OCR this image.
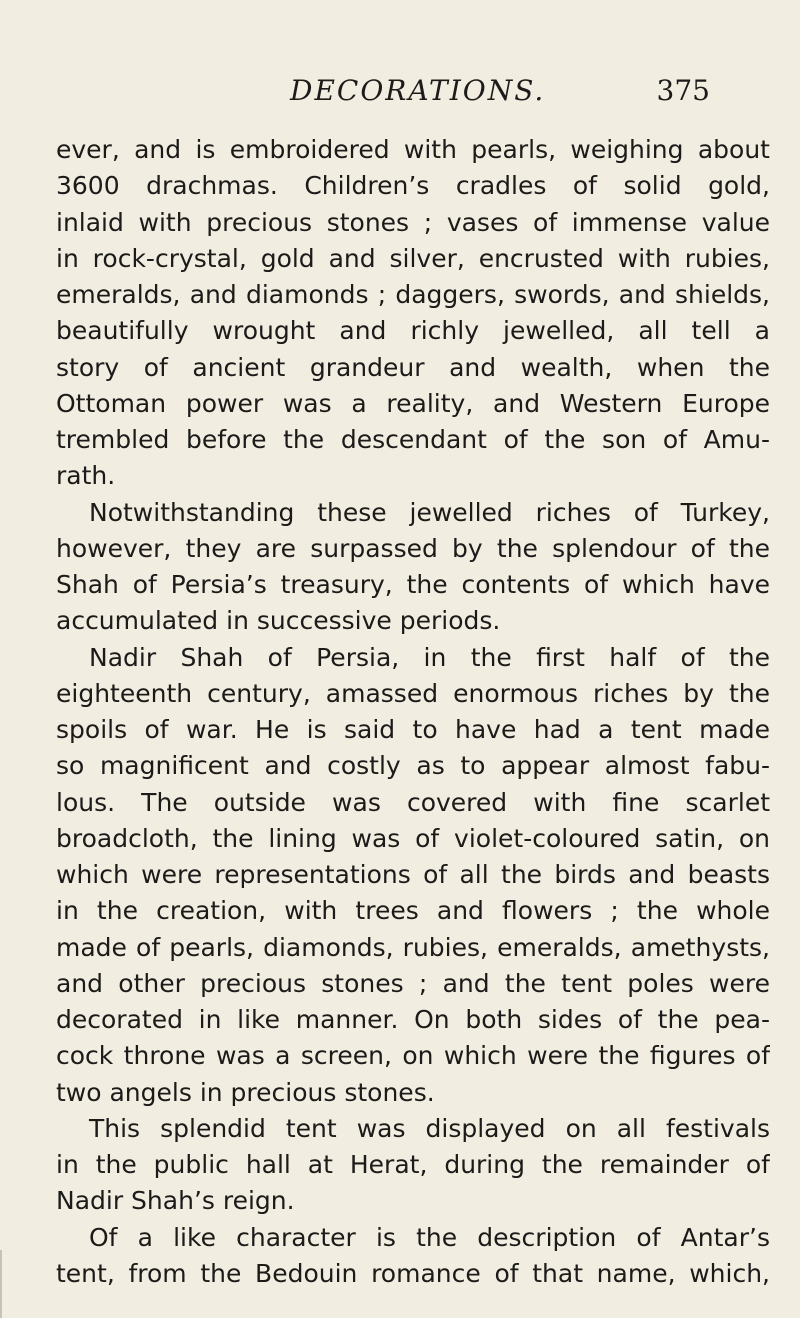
DECORATIONS.	375
ever, and is embroidered with pearls, weighing about
3600 drachmas. Children’s cradles of solid gold,
inlaid with precious stones ; vases of immense value
in rock-crystal, gold and silver, encrusted with rubies,
emeralds, and diamonds ; daggers, swords, and shields,
beautifully wrought and richly jewelled, all tell a
story of ancient grandeur and wealth, when the
Ottoman power was a reality, and Western Europe
trembled before the descendant of the son of Amu-
rath.
Notwithstanding these jewelled riches of Turkey,
however, they are surpassed by the splendour of the
Shah of Persia’s treasury, the contents of which have
accumulated in successive periods.
Nadir Shah of Persia, in the first half of the
eighteenth century, amassed enormous riches by the
spoils of war. He is said to have had a tent made
so magnificent and costly as to appear almost fabu-
lous. The outside was covered with fine scarlet
broadcloth, the lining was of violet-coloured satin, on
which were representations of all the birds and beasts
in the creation, with trees and flowers ; the whole
made of pearls, diamonds, rubies, emeralds, amethysts,
and other precious stones ; and the tent poles were
decorated in like manner. On both sides of the pea-
cock throne was a screen, on which were the figures of
two angels in precious stones.
This splendid tent was displayed on all festivals
in the public hall at Herat, during the remainder of
Nadir Shah’s reign.
Of a like character is the description of Antar’s
tent, from the Bedouin romance of that name, which,
